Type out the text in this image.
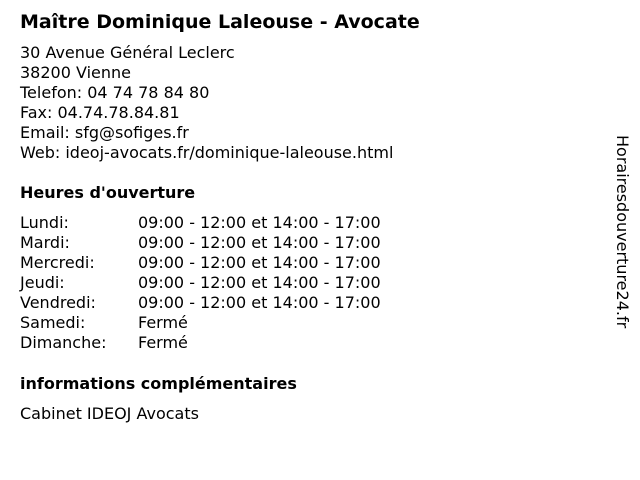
Maître Dominique Laleouse - Avocate
30 Avenue Général Leclerc
38200 Vienne
Telefon: 04 74 78 84 80
Fax: 04.74.78.84.81
Email: sfg@sofiges.fr
Web: ideoj-avocats.fr/dominique-laleouse.html
Heures d'ouverture
Lundi:	09:00 - 12:00 et 14:00 - 17:00
Mardi:	09:00 - 12:00 et 14:00 - 17:00
Mercredi:	09:00 - 12:00 et 14:00 - 17:00
Jeudi:	09:00 - 12:00 et 14:00 - 17:00
Vendredi:	09:00 - 12:00 et 14:00 - 17:00
Samedi:	Fermé
Dimanche: Fermé
informations complémentaires
Cabinet IDEOJ Avocats
Horairesdouverture24.fr
